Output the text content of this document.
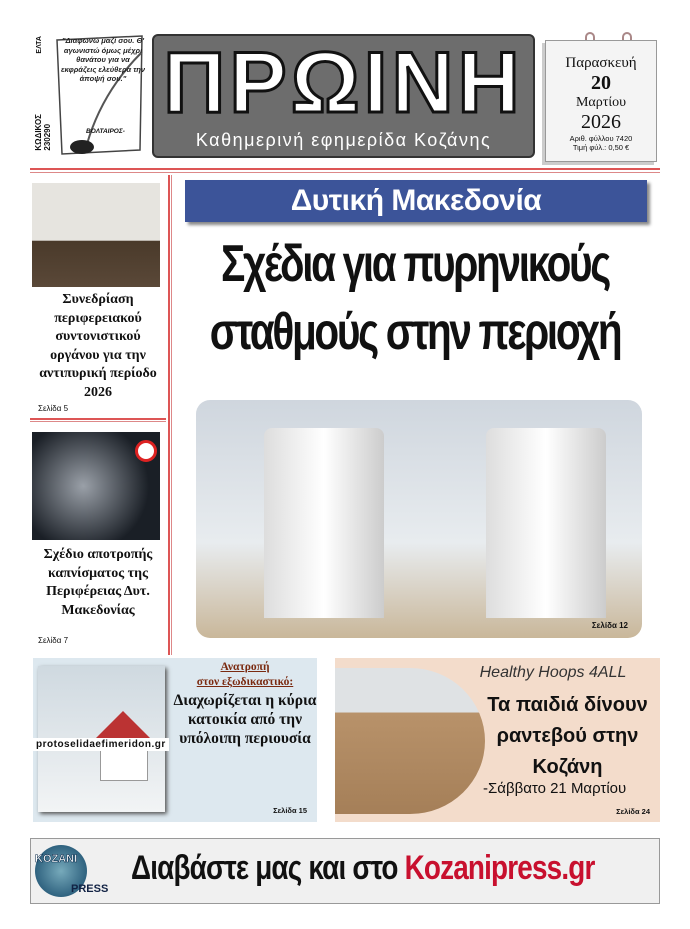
"Διαφωνώ μαζί σου. Θ' αγωνιστώ όμως μέχρι θανάτου για να εκφράζεις ελεύθερα την άποψή σου."
ΒΟΛΤΑΙΡΟΣ-
ΕΛΤΑ
ΚΩΔΙΚΟΣ
230290
ΠΡΩΙΝΗ
Καθημερινή εφημερίδα Κοζάνης
Παρασκευή
20
Μαρτίου
2026
Αριθ. φύλλου 7420
Τιμή φύλ.: 0,50 €
Συνεδρίαση περιφερειακού συντονιστικού οργάνου για την αντιπυρική περίοδο 2026
Σελίδα 5
Σχέδιο αποτροπής καπνίσματος της Περιφέρειας Δυτ. Μακεδονίας
Σελίδα 7
Δυτική Μακεδονία
Σχέδια για πυρηνικούς
σταθμούς στην περιοχή
Σελίδα 12
protoselidaefimeridon.gr
Ανατροπή
στον εξωδικαστικό:
Διαχωρίζεται η κύρια κατοικία από την υπόλοιπη περιουσία
Σελίδα 15
Healthy Hoops 4ALL
Τα παιδιά δίνουν ραντεβού στην Κοζάνη
-Σάββατο 21 Μαρτίου
Σελίδα 24
KOZANI
PRESS
Διαβάστε μας και στο Kozanipress.gr
